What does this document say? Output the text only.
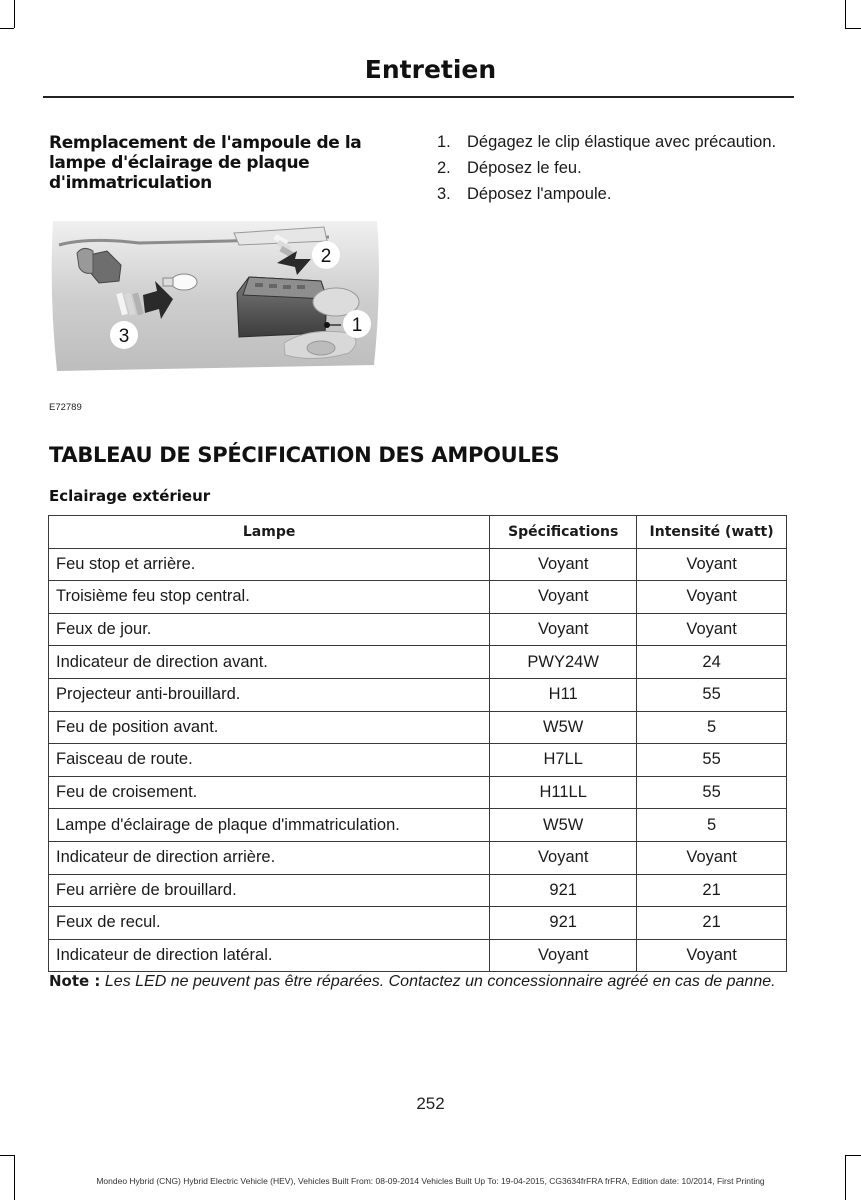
Entretien
Remplacement de l'ampoule de la lampe d'éclairage de plaque d'immatriculation
1. Dégagez le clip élastique avec précaution.
2. Déposez le feu.
3. Déposez l'ampoule.
1
2
3
E72789
TABLEAU DE SPÉCIFICATION DES AMPOULES
Eclairage extérieur
Lampe	Spécifications	Intensité (watt)
Feu stop et arrière.	Voyant	Voyant
Troisième feu stop central.	Voyant	Voyant
Feux de jour.	Voyant	Voyant
Indicateur de direction avant.	PWY24W	24
Projecteur anti-brouillard.	H11	55
Feu de position avant.	W5W	5
Faisceau de route.	H7LL	55
Feu de croisement.	H11LL	55
Lampe d'éclairage de plaque d'immatriculation.	W5W	5
Indicateur de direction arrière.	Voyant	Voyant
Feu arrière de brouillard.	921	21
Feux de recul.	921	21
Indicateur de direction latéral.	Voyant	Voyant
Note : Les LED ne peuvent pas être réparées. Contactez un concessionnaire agréé en cas de panne.
252
Mondeo Hybrid (CNG) Hybrid Electric Vehicle (HEV), Vehicles Built From: 08-09-2014 Vehicles Built Up To: 19-04-2015, CG3634frFRA frFRA, Edition date: 10/2014, First Printing
